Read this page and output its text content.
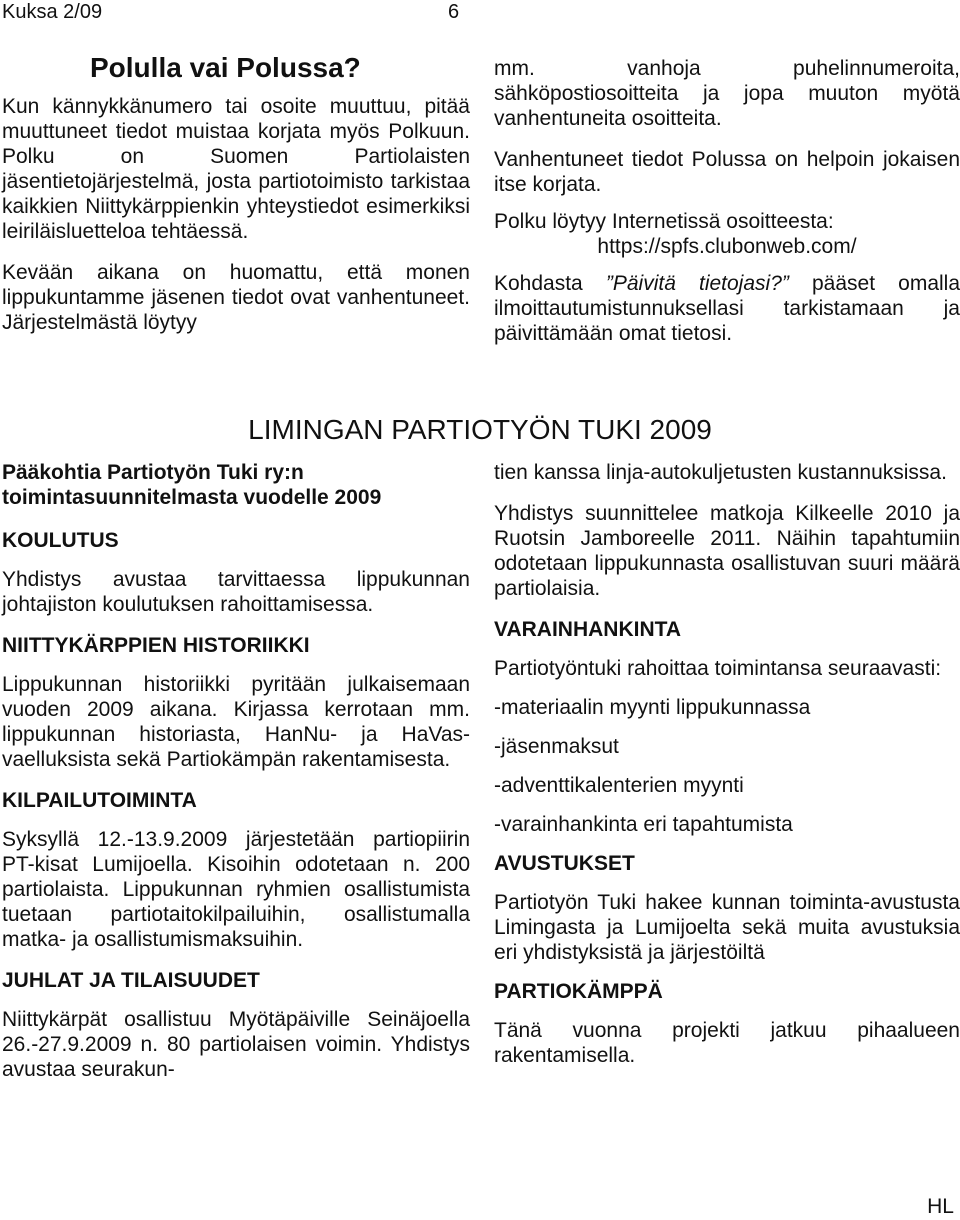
Kuksa 2/09	6
Polulla vai Polussa?

Kun kännykkänumero tai osoite muuttuu, pitää muuttuneet tiedot muistaa korjata myös Polkuun. Polku on Suomen Partiolaisten jäsentietojärjestelmä, josta partiotoimisto tarkistaa kaikkien Niittykärppienkin yhteystiedot esimerkiksi leiriläisluetteloa tehtäessä.

Kevään aikana on huomattu, että monen lippukuntamme jäsenen tiedot ovat vanhentuneet. Järjestelmästä löytyy

mm. vanhoja puhelinnumeroita, sähköpostiosoitteita ja jopa muuton myötä vanhentuneita osoitteita.

Vanhentuneet tiedot Polussa on helpoin jokaisen itse korjata.

Polku löytyy Internetissä osoitteesta:

https://spfs.clubonweb.com/

Kohdasta ”Päivitä tietojasi?” pääset omalla ilmoittautumistunnuksellasi tarkistamaan ja päivittämään omat tietosi.

LIMINGAN PARTIOTYÖN TUKI 2009

Pääkohtia Partiotyön Tuki ry:n toimintasuunnitelmasta vuodelle 2009

KOULUTUS

Yhdistys avustaa tarvittaessa lippukunnan johtajiston koulutuksen rahoittamisessa.

NIITTYKÄRPPIEN HISTORIIKKI

Lippukunnan historiikki pyritään julkaisemaan vuoden 2009 aikana. Kirjassa kerrotaan mm. lippukunnan historiasta, HanNu- ja HaVas-vaelluksista sekä Partiokämpän rakentamisesta.

KILPAILUTOIMINTA

Syksyllä 12.-13.9.2009 järjestetään partiopiirin PT-kisat Lumijoella. Kisoihin odotetaan n. 200 partiolaista. Lippukunnan ryhmien osallistumista tuetaan partiotaitokilpailuihin, osallistumalla matka- ja osallistumismaksuihin.

JUHLAT JA TILAISUUDET

Niittykärpät osallistuu Myötäpäiville Seinäjoella 26.-27.9.2009 n. 80 partiolaisen voimin. Yhdistys avustaa seurakun-

tien kanssa linja-autokuljetusten kustannuksissa.

Yhdistys suunnittelee matkoja Kilkeelle 2010 ja Ruotsin Jamboreelle 2011. Näihin tapahtumiin odotetaan lippukunnasta osallistuvan suuri määrä partiolaisia.

VARAINHANKINTA

Partiotyöntuki rahoittaa toimintansa seuraavasti:

-materiaalin myynti lippukunnassa

-jäsenmaksut

-adventtikalenterien myynti

-varainhankinta eri tapahtumista

AVUSTUKSET

Partiotyön Tuki hakee kunnan toiminta-avustusta Limingasta ja Lumijoelta sekä muita avustuksia eri yhdistyksistä ja järjestöiltä

PARTIOKÄMPPÄ

Tänä vuonna projekti jatkuu pihaalueen rakentamisella.

HL
